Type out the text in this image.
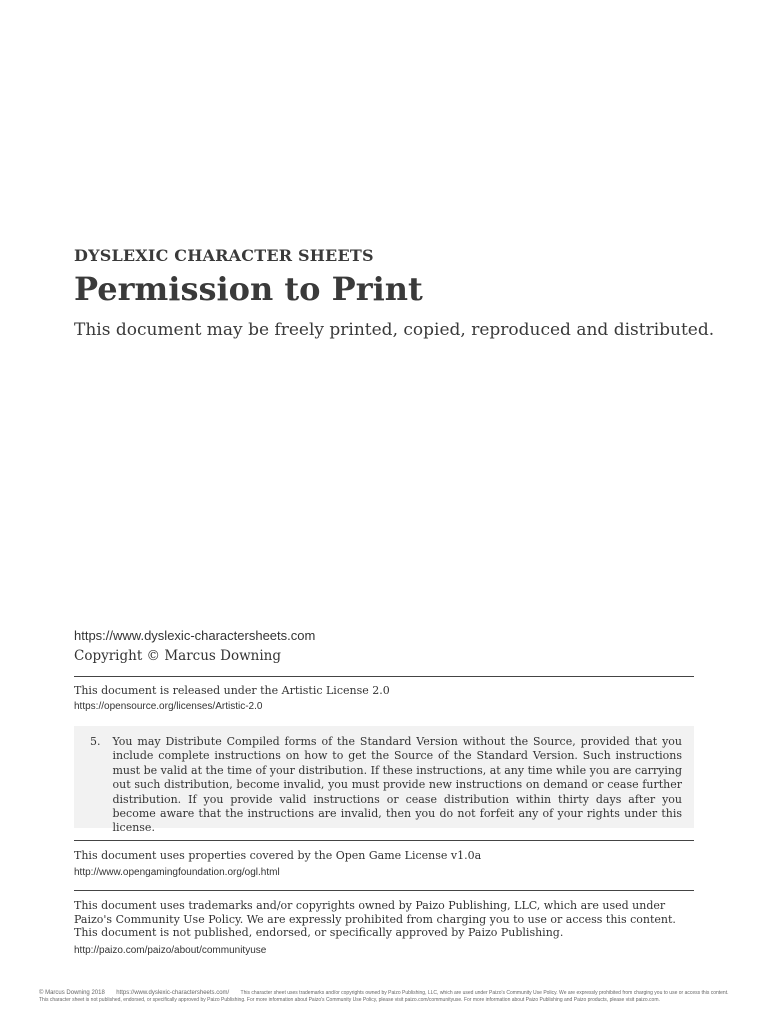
DYSLEXIC CHARACTER SHEETS
Permission to Print
This document may be freely printed, copied, reproduced and distributed.
https://www.dyslexic-charactersheets.com
Copyright © Marcus Downing
This document is released under the Artistic License 2.0
https://opensource.org/licenses/Artistic-2.0
5. You may Distribute Compiled forms of the Standard Version without the Source, provided that you include complete instructions on how to get the Source of the Standard Version. Such instructions must be valid at the time of your distribution. If these instructions, at any time while you are carrying out such distribution, become invalid, you must provide new instructions on demand or cease further distribution. If you provide valid instructions or cease distribution within thirty days after you become aware that the instructions are invalid, then you do not forfeit any of your rights under this license.
This document uses properties covered by the Open Game License v1.0a
http://www.opengamingfoundation.org/ogl.html
This document uses trademarks and/or copyrights owned by Paizo Publishing, LLC, which are used under Paizo's Community Use Policy. We are expressly prohibited from charging you to use or access this content.
This document is not published, endorsed, or specifically approved by Paizo Publishing.
http://paizo.com/paizo/about/communityuse
© Marcus Downing 2018 https://www.dyslexic-charactersheets.com/ This character sheet uses trademarks and/or copyrights owned by Paizo Publishing, LLC, which are used under Paizo's Community Use Policy. We are expressly prohibited from charging you to use or access this content. This character sheet is not published, endorsed, or specifically approved by Paizo Publishing. For more information about Paizo's Community Use Policy, please visit paizo.com/communityuse. For more information about Paizo Publishing and Paizo products, please visit paizo.com.
